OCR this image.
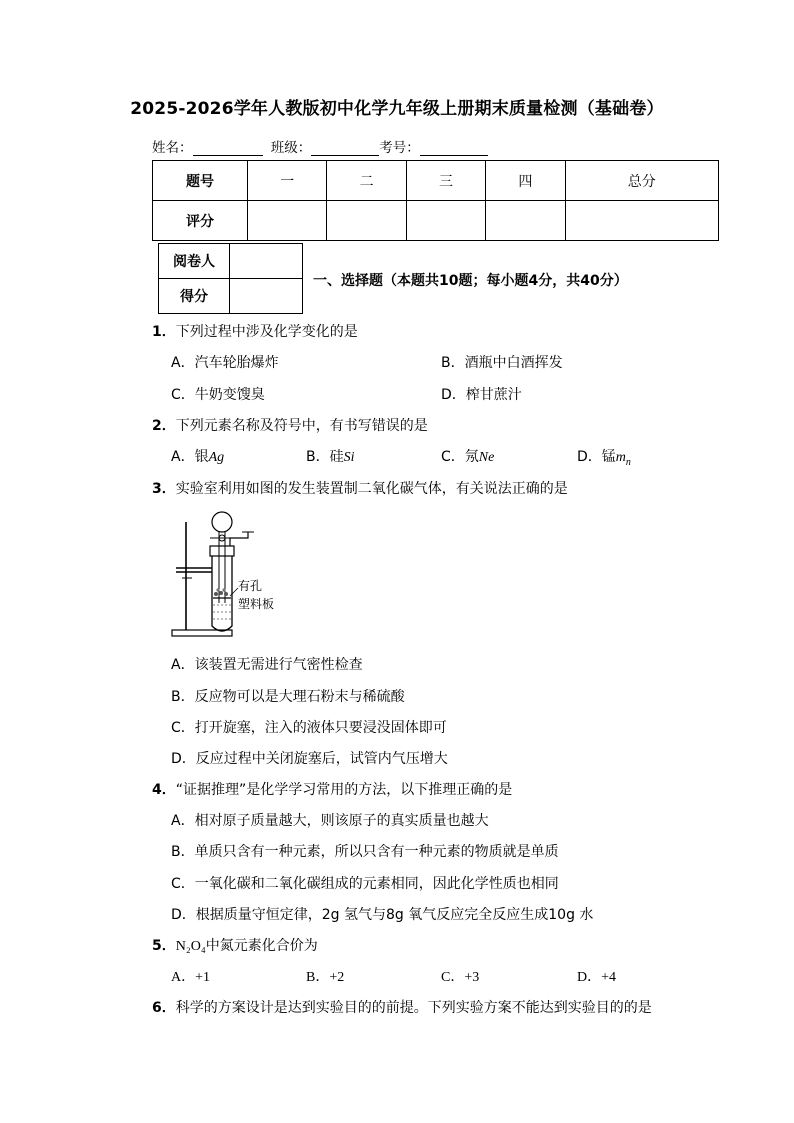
2025-2026学年人教版初中化学九年级上册期末质量检测（基础卷）
姓名：	班级：	考号：
题号	一	二	三	四	总分
评分					
阅卷人	
得分	
一、选择题（本题共10题；每小题4分，共40分）
1．下列过程中涉及化学变化的是
A．汽车轮胎爆炸	B．酒瓶中白酒挥发
C．牛奶变馊臭	D．榨甘蔗汁
2．下列元素名称及符号中，有书写错误的是
A．银Ag	B．硅Si	C．氖Ne	D．锰$m_n$
3．实验室利用如图的发生装置制二氧化碳气体，有关说法正确的是
有孔
塑料板
A．该装置无需进行气密性检查
B．反应物可以是大理石粉末与稀硫酸
C．打开旋塞，注入的液体只要浸没固体即可
D．反应过程中关闭旋塞后，试管内气压增大
4．“证据推理”是化学学习常用的方法，以下推理正确的是
A．相对原子质量越大，则该原子的真实质量也越大
B．单质只含有一种元素，所以只含有一种元素的物质就是单质
C．一氧化碳和二氧化碳组成的元素相同，因此化学性质也相同
D．根据质量守恒定律，2g 氢气与8g 氧气反应完全反应生成10g 水
5．N₂O₄中氮元素化合价为
A．+1	B．+2	C．+3	D．+4
6．科学的方案设计是达到实验目的的前提。下列实验方案不能达到实验目的的是
